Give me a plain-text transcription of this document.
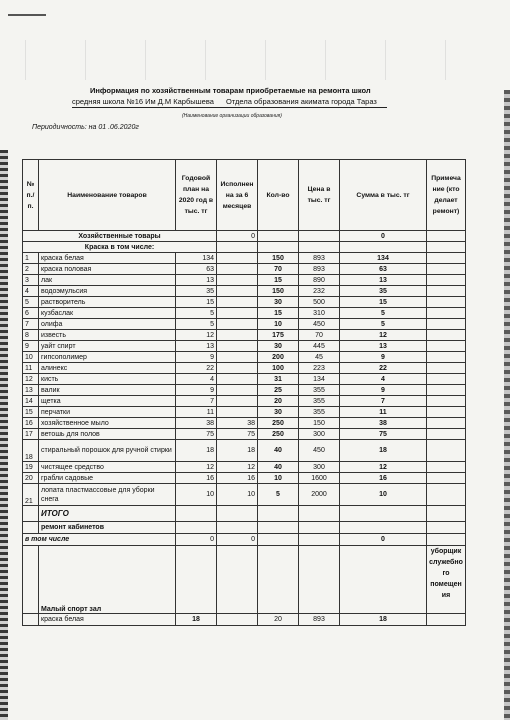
Информация по хозяйственным товарам приобретаемые на ремонта школ
средняя школа №16 Им Д.М Карбышева Отдела образования акимата города Тараз
(Наименование организации образования)
Периодичность: на 01 .06.2020г
№ п./п.	Наименование товаров	Годовой план на 2020 год в тыс. тг	Исполнен на за 6 месяцев	Кол-во	Цена в тыс. тг	Сумма в тыс. тг	Примеча ние (кто делает ремонт)
Хозяйственные товары			0			0	
Краска в том числе:							
1	краска белая	134		150	893	134	
2	краска половая	63		70	893	63	
3	лак	13		15	890	13	
4	водоэмульсия	35		150	232	35	
5	растворитель	15		30	500	15	
6	кузбаслак	5		15	310	5	
7	олифа	5		10	450	5	
8	известь	12		175	70	12	
9	уайт спирт	13		30	445	13	
10	гипсополимер	9		200	45	9	
11	алинекс	22		100	223	22	
12	кисть	4		31	134	4	
13	валик	9		25	355	9	
14	щетка	7		20	355	7	
15	перчатки	11		30	355	11	
16	хозяйственное мыло	38	38	250	150	38	
17	ветошь для полов	75	75	250	300	75	
18	стиральный порошок для ручной стирки	18	18	40	450	18	
19	чистящее средство	12	12	40	300	12	
20	грабли садовые	16	16	10	1600	16	
21	лопата пластмассовые для уборки снега	10	10	5	2000	10	
	ИТОГО						
	ремонт кабинетов						
в том числе		0	0			0	
	Малый спорт зал						уборщик служебно го помещен ия
	краска белая	18		20	893	18	
